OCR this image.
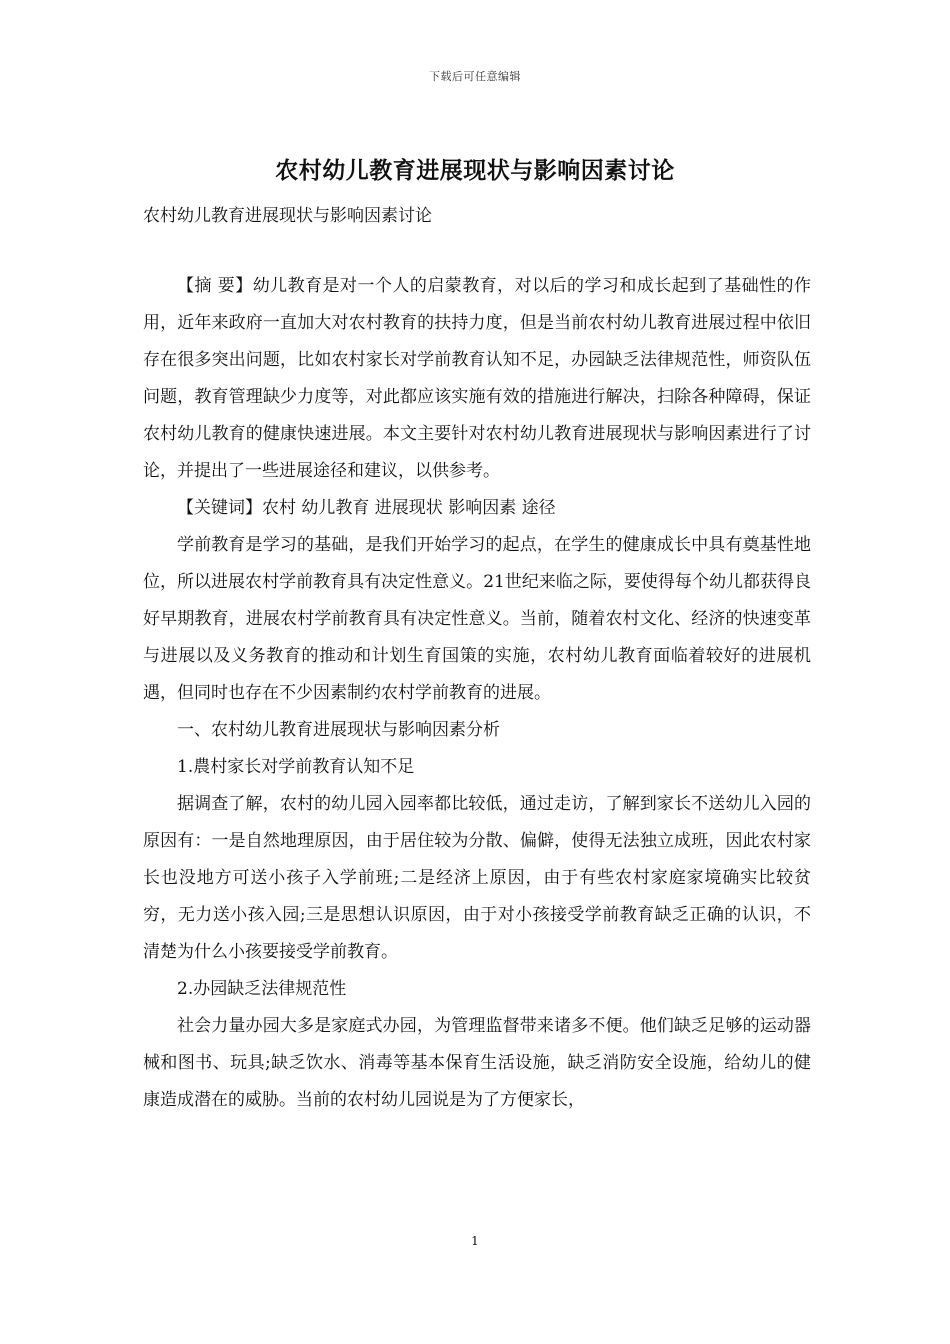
下载后可任意编辑
农村幼儿教育进展现状与影响因素讨论
农村幼儿教育进展现状与影响因素讨论

【摘 要】幼儿教育是对一个人的启蒙教育，对以后的学习和成长起到了基础性的作用，近年来政府一直加大对农村教育的扶持力度，但是当前农村幼儿教育进展过程中依旧存在很多突出问题，比如农村家长对学前教育认知不足，办园缺乏法律规范性，师资队伍问题，教育管理缺少力度等，对此都应该实施有效的措施进行解决，扫除各种障碍，保证农村幼儿教育的健康快速进展。本文主要针对农村幼儿教育进展现状与影响因素进行了讨论，并提出了一些进展途径和建议，以供参考。

【关键词】农村 幼儿教育 进展现状 影响因素 途径

学前教育是学习的基础，是我们开始学习的起点，在学生的健康成长中具有奠基性地位，所以进展农村学前教育具有决定性意义。21世纪来临之际，要使得每个幼儿都获得良好早期教育，进展农村学前教育具有决定性意义。当前，随着农村文化、经济的快速变革与进展以及义务教育的推动和计划生育国策的实施，农村幼儿教育面临着较好的进展机遇，但同时也存在不少因素制约农村学前教育的进展。

一、农村幼儿教育进展现状与影响因素分析

1.農村家长对学前教育认知不足

据调查了解，农村的幼儿园入园率都比较低，通过走访，了解到家长不送幼儿入园的原因有：一是自然地理原因，由于居住较为分散、偏僻，使得无法独立成班，因此农村家长也没地方可送小孩子入学前班;二是经济上原因，由于有些农村家庭家境确实比较贫穷，无力送小孩入园;三是思想认识原因，由于对小孩接受学前教育缺乏正确的认识，不清楚为什么小孩要接受学前教育。

2.办园缺乏法律规范性

社会力量办园大多是家庭式办园，为管理监督带来诸多不便。他们缺乏足够的运动器械和图书、玩具;缺乏饮水、消毒等基本保育生活设施，缺乏消防安全设施，给幼儿的健康造成潜在的威胁。当前的农村幼儿园说是为了方便家长，

1
